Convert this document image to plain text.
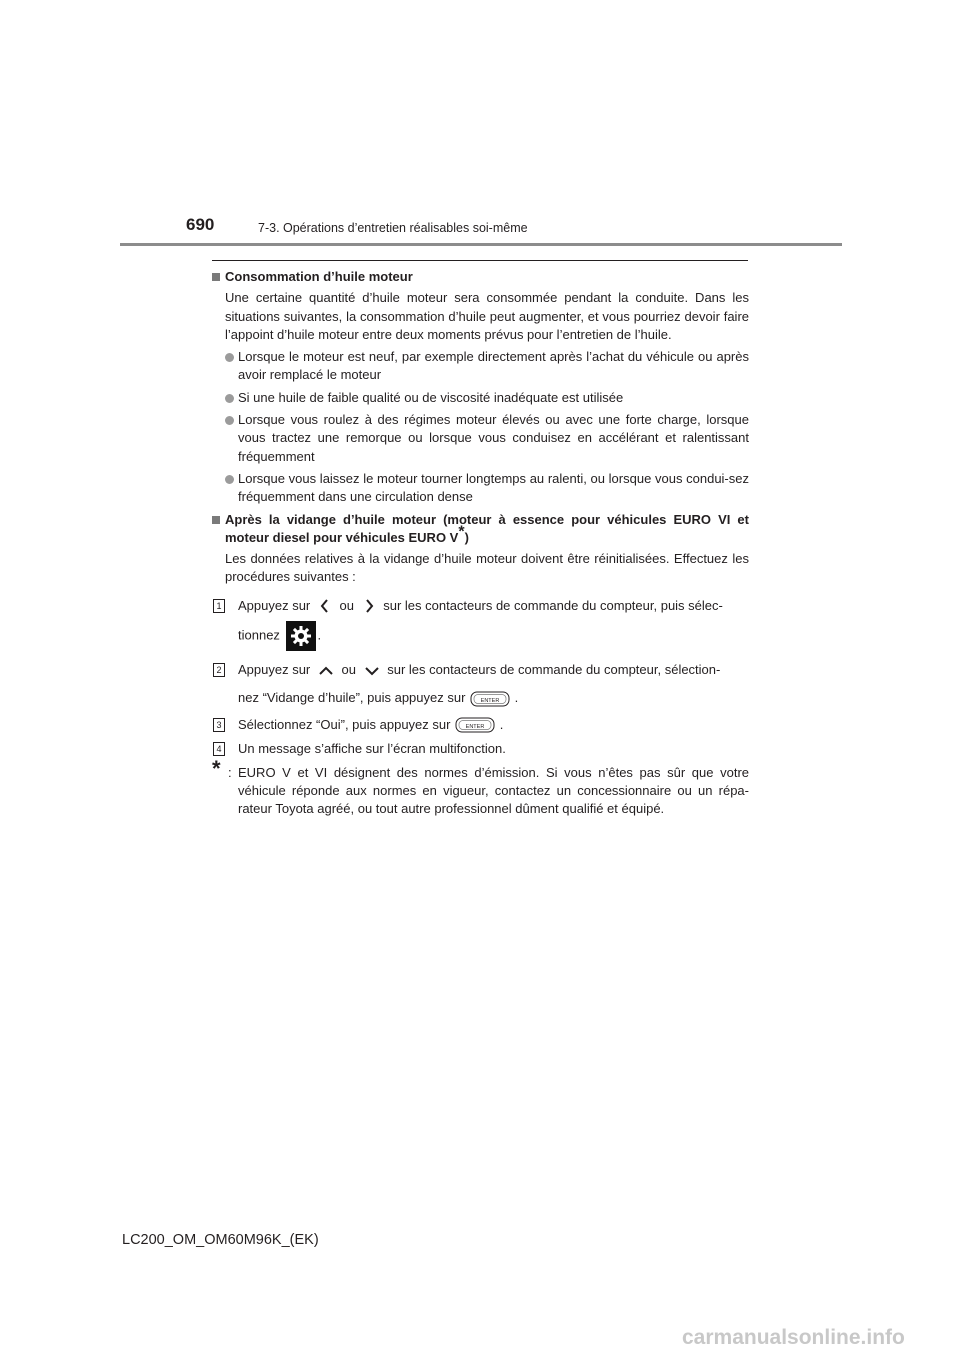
690	7-3. Opérations d’entretien réalisables soi-même

Consommation d’huile moteur

Une certaine quantité d’huile moteur sera consommée pendant la conduite. Dans les situations suivantes, la consommation d’huile peut augmenter, et vous pourriez devoir faire l’appoint d’huile moteur entre deux moments prévus pour l’entretien de l’huile.

Lorsque le moteur est neuf, par exemple directement après l’achat du véhicule ou après avoir remplacé le moteur

Si une huile de faible qualité ou de viscosité inadéquate est utilisée

Lorsque vous roulez à des régimes moteur élevés ou avec une forte charge, lorsque vous tractez une remorque ou lorsque vous conduisez en accélérant et ralentissant fréquemment

Lorsque vous laissez le moteur tourner longtemps au ralenti, ou lorsque vous condui-sez fréquemment dans une circulation dense

Après la vidange d’huile moteur (moteur à essence pour véhicules EURO VI et moteur diesel pour véhicules EURO V*)

Les données relatives à la vidange d’huile moteur doivent être réinitialisées. Effectuez les procédures suivantes :

1 Appuyez sur ou sur les contacteurs de commande du compteur, puis sélec-
tionnez	.
2 Appuyez sur ou sur les contacteurs de commande du compteur, sélection-
nez “Vidange d’huile”, puis appuyez sur	ENTER .
3 Sélectionnez “Oui”, puis appuyez sur	ENTER .
4 Un message s’affiche sur l’écran multifonction.

* : EURO V et VI désignent des normes d’émission. Si vous n’êtes pas sûr que votre véhicule réponde aux normes en vigueur, contactez un concessionnaire ou un répa-rateur Toyota agréé, ou tout autre professionnel dûment qualifié et équipé.

LC200_OM_OM60M96K_(EK)
carmanualsonline.info
